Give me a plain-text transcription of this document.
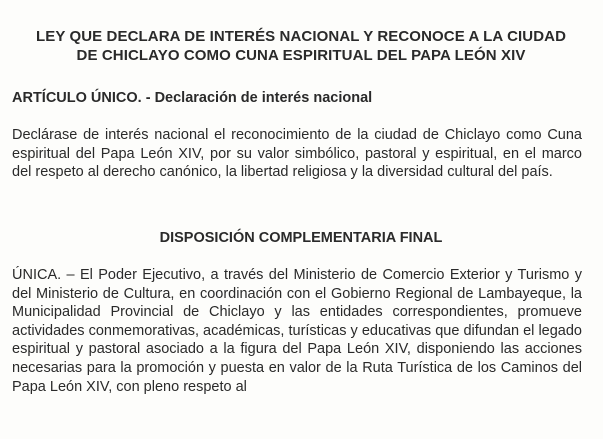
LEY QUE DECLARA DE INTERÉS NACIONAL Y RECONOCE A LA CIUDAD
DE CHICLAYO COMO CUNA ESPIRITUAL DEL PAPA LEÓN XIV

ARTÍCULO ÚNICO. - Declaración de interés nacional

Declárase de interés nacional el reconocimiento de la ciudad de Chiclayo como Cuna espiritual del Papa León XIV, por su valor simbólico, pastoral y espiritual, en el marco del respeto al derecho canónico, la libertad religiosa y la diversidad cultural del país.

DISPOSICIÓN COMPLEMENTARIA FINAL

ÚNICA. – El Poder Ejecutivo, a través del Ministerio de Comercio Exterior y Turismo y del Ministerio de Cultura, en coordinación con el Gobierno Regional de Lambayeque, la Municipalidad Provincial de Chiclayo y las entidades correspondientes, promueve actividades conmemorativas, académicas, turísticas y educativas que difundan el legado espiritual y pastoral asociado a la figura del Papa León XIV, disponiendo las acciones necesarias para la promoción y puesta en valor de la Ruta Turística de los Caminos del Papa León XIV, con pleno respeto al
